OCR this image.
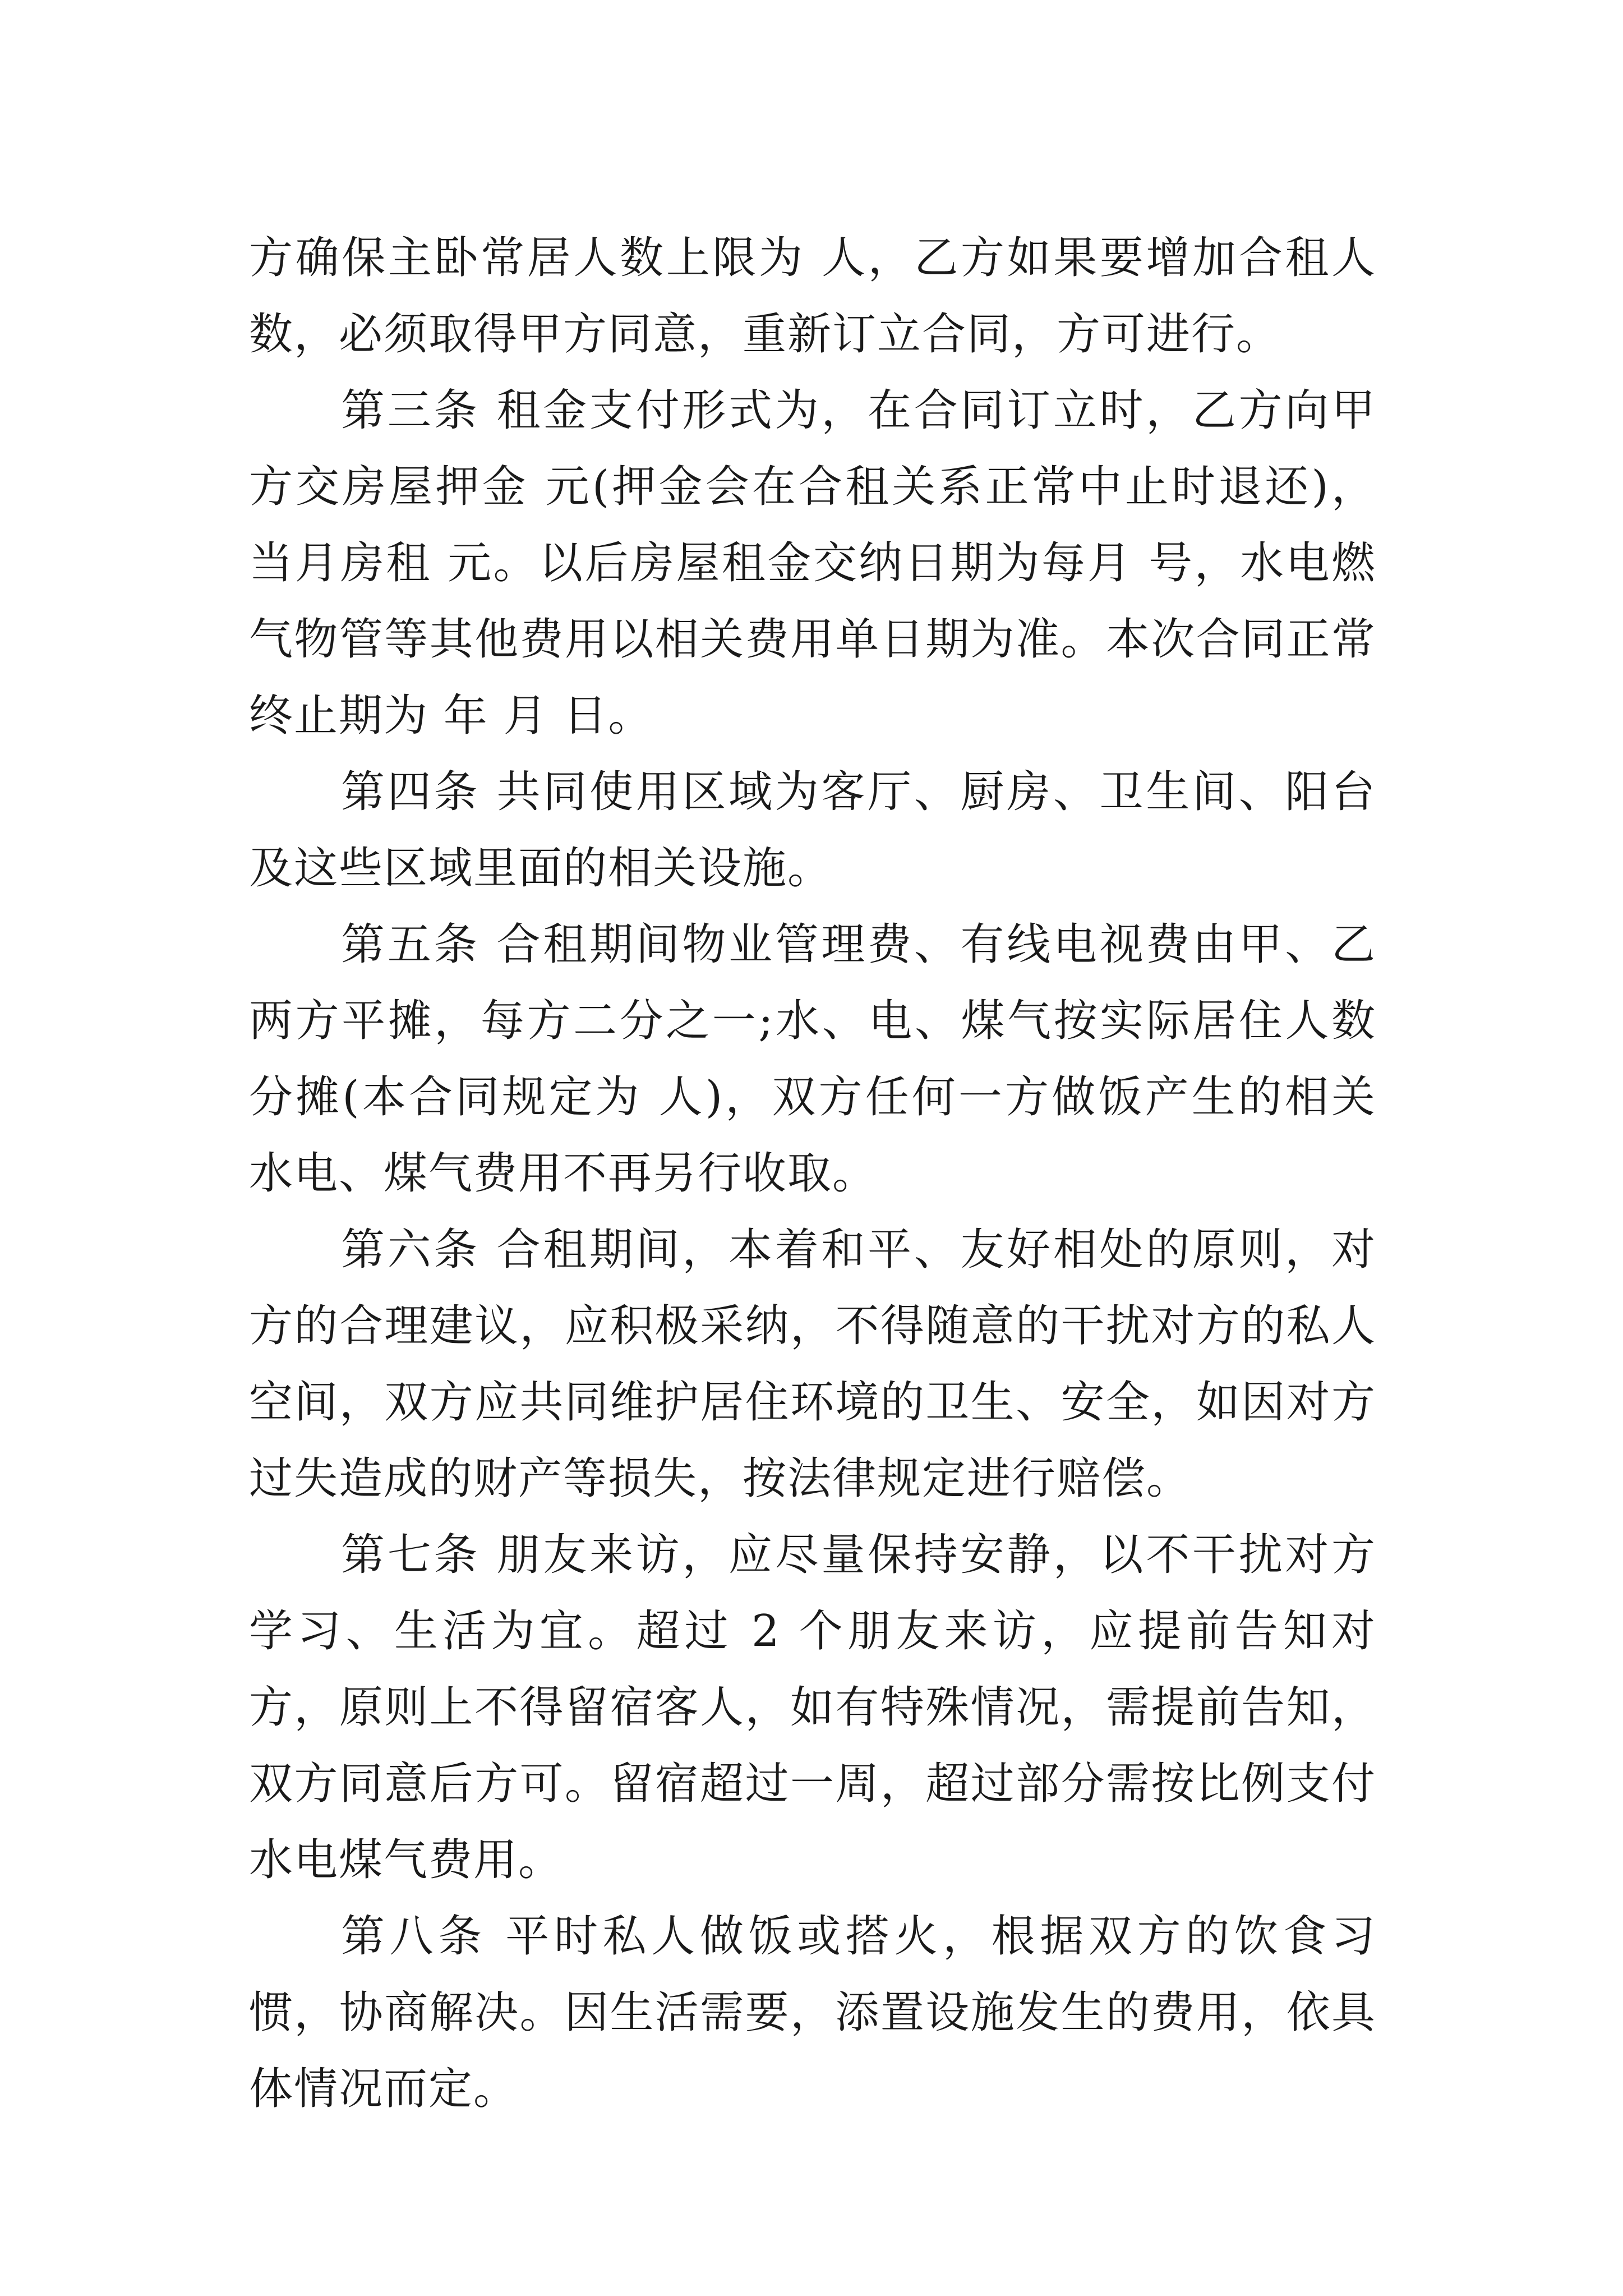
方确保主卧常居人数上限为 人，乙方如果要增加合租人数，必须取得甲方同意，重新订立合同，方可进行。

第三条 租金支付形式为，在合同订立时，乙方向甲方交房屋押金 元(押金会在合租关系正常中止时退还)，当月房租 元。以后房屋租金交纳日期为每月 号，水电燃气物管等其他费用以相关费用单日期为准。本次合同正常终止期为 年 月 日。

第四条 共同使用区域为客厅、厨房、卫生间、阳台及这些区域里面的相关设施。

第五条 合租期间物业管理费、有线电视费由甲、乙两方平摊，每方二分之一;水、电、煤气按实际居住人数分摊(本合同规定为 人)，双方任何一方做饭产生的相关水电、煤气费用不再另行收取。

第六条 合租期间，本着和平、友好相处的原则，对方的合理建议，应积极采纳，不得随意的干扰对方的私人空间，双方应共同维护居住环境的卫生、安全，如因对方过失造成的财产等损失，按法律规定进行赔偿。

第七条 朋友来访，应尽量保持安静，以不干扰对方学习、生活为宜。超过 2 个朋友来访，应提前告知对方，原则上不得留宿客人，如有特殊情况，需提前告知，双方同意后方可。留宿超过一周，超过部分需按比例支付水电煤气费用。

第八条 平时私人做饭或搭火，根据双方的饮食习惯，协商解决。因生活需要，添置设施发生的费用，依具体情况而定。
